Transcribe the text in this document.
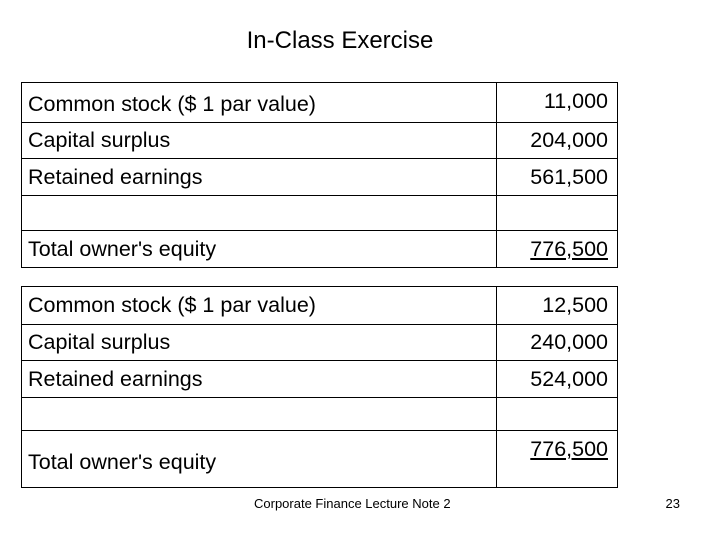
In-Class Exercise
Common stock ($ 1 par value)	11,000
Capital surplus	204,000
Retained earnings	561,500

Total owner's equity	776,500
Common stock ($ 1 par value)	12,500
Capital surplus	240,000
Retained earnings	524,000

Total owner's equity	776,500
Corporate Finance Lecture Note 2	23
